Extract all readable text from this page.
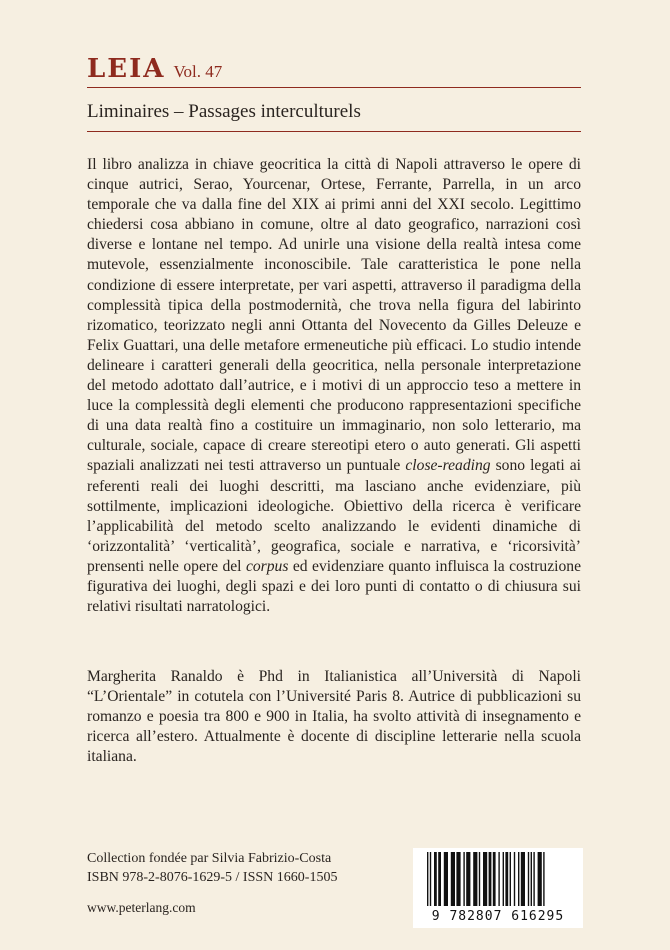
LEIA Vol. 47
Liminaires – Passages interculturels
Il libro analizza in chiave geocritica la città di Napoli attraverso le opere di cinque autrici, Serao, Yourcenar, Ortese, Ferrante, Parrella, in un arco temporale che va dalla fine del XIX ai primi anni del XXI secolo. Legittimo chiedersi cosa abbiano in comune, oltre al dato geografico, narrazioni così diverse e lontane nel tempo. Ad unirle una visione della realtà intesa come mutevole, essenzialmente inconoscibile. Tale caratteristica le pone nella condizione di essere interpretate, per vari aspetti, attraverso il paradigma della complessità tipica della postmodernità, che trova nella figura del labirinto rizomatico, teorizzato negli anni Ottanta del Novecento da Gilles Deleuze e Felix Guattari, una delle metafore ermeneutiche più efficaci. Lo studio intende delineare i caratteri generali della geocritica, nella personale interpretazione del metodo adottato dall’autrice, e i motivi di un approccio teso a mettere in luce la complessità degli elementi che producono rappresentazioni specifiche di una data realtà fino a costituire un immaginario, non solo letterario, ma culturale, sociale, capace di creare stereotipi etero o auto generati. Gli aspetti spaziali analizzati nei testi attraverso un puntuale close-reading sono legati ai referenti reali dei luoghi descritti, ma lasciano anche evidenziare, più sottilmente, implicazioni ideologiche. Obiettivo della ricerca è verificare l’applicabilità del metodo scelto analizzando le evidenti dinamiche di ‘orizzontalità’ ‘verticalità’, geografica, sociale e narrativa, e ‘ricorsività’ prensenti nelle opere del corpus ed evidenziare quanto influisca la costruzione figurativa dei luoghi, degli spazi e dei loro punti di contatto o di chiusura sui relativi risultati narratologici.
Margherita Ranaldo è Phd in Italianistica all’Università di Napoli “L’Orientale” in cotutela con l’Université Paris 8. Autrice di pubblicazioni su romanzo e poesia tra 800 e 900 in Italia, ha svolto attività di insegnamento e ricerca all’estero. Attualmente è docente di discipline letterarie nella scuola italiana.
Collection fondée par Silvia Fabrizio-Costa
ISBN 978-2-8076-1629-5 / ISSN 1660-1505
www.peterlang.com
9 782807 616295
